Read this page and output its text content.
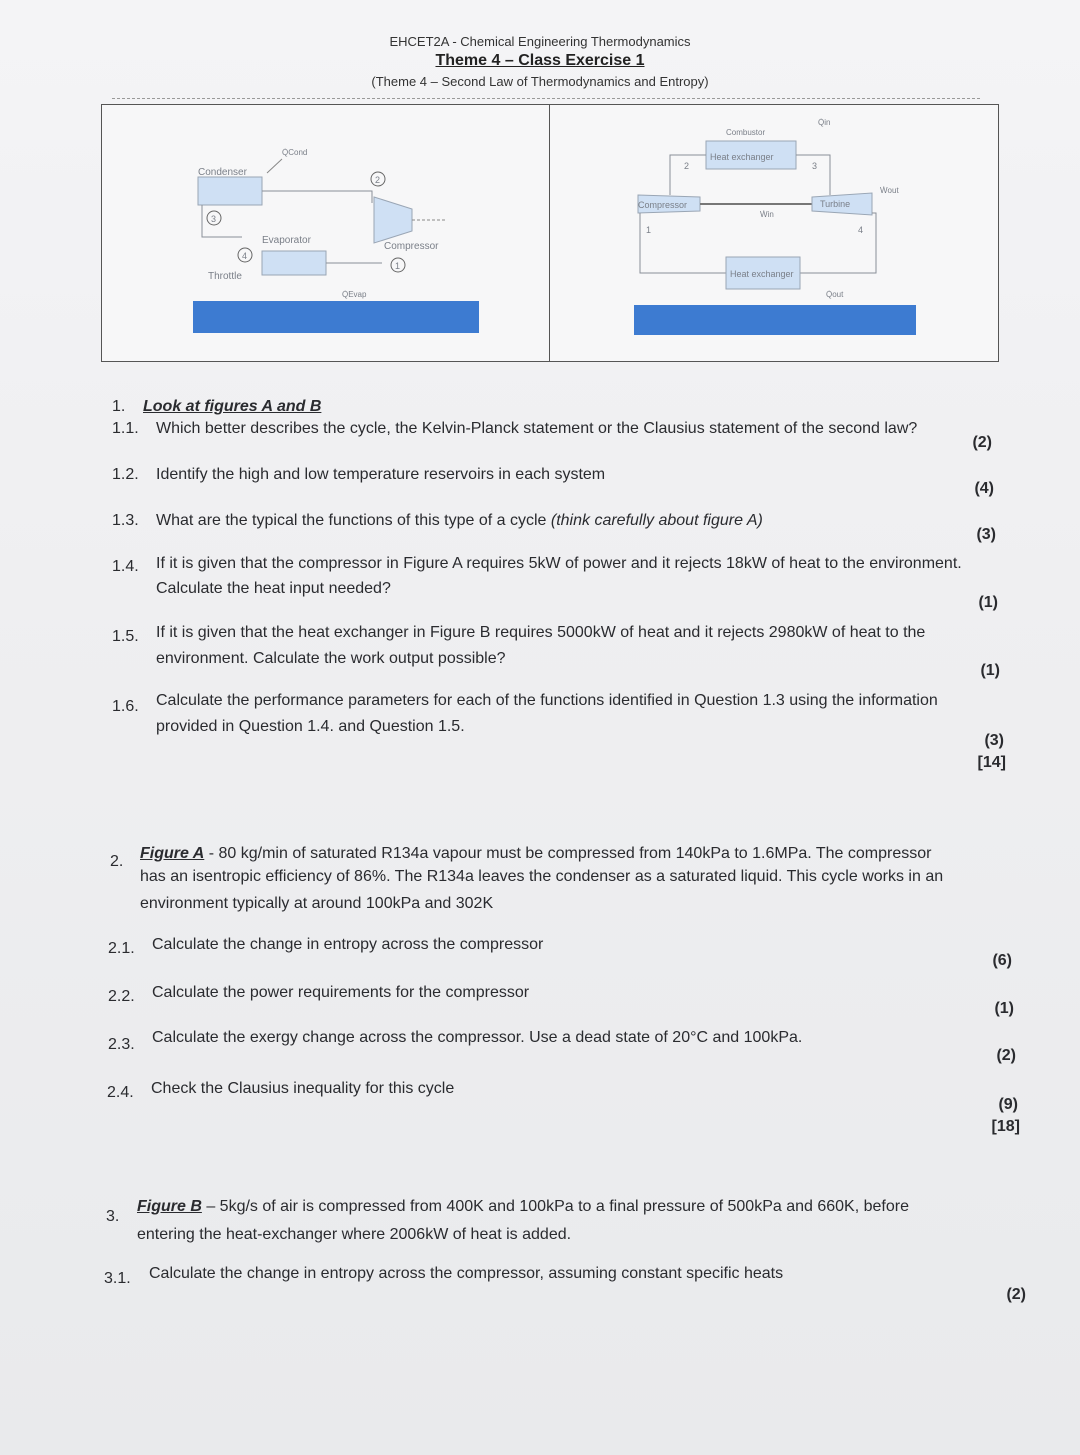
EHCET2A - Chemical Engineering Thermodynamics
Theme 4 – Class Exercise 1
(Theme 4 – Second Law of Thermodynamics and Entropy)
Condenser
Q̇Cond
2
Compressor
1
3
Evaporator
4
Throttle
Q̇Evap
Combustor
Heat exchanger
Q̇in
2	3
Compressor
Ẇin
Turbine
Ẇout
1	4
Heat exchanger
Q̇out
1. Look at figures A and B
1.1. Which better describes the cycle, the Kelvin-Planck statement or the Clausius statement of the second law?
(2)
1.2. Identify the high and low temperature reservoirs in each system
(4)
1.3. What are the typical the functions of this type of a cycle (think carefully about figure A)
(3)
1.4. If it is given that the compressor in Figure A requires 5kW of power and it rejects 18kW of heat to the environment.
Calculate the heat input needed?
(1)
1.5. If it is given that the heat exchanger in Figure B requires 5000kW of heat and it rejects 2980kW of heat to the
environment. Calculate the work output possible?
(1)
1.6. Calculate the performance parameters for each of the functions identified in Question 1.3 using the information
provided in Question 1.4. and Question 1.5.
(3)
[14]
2. Figure A - 80 kg/min of saturated R134a vapour must be compressed from 140kPa to 1.6MPa. The compressor
has an isentropic efficiency of 86%. The R134a leaves the condenser as a saturated liquid. This cycle works in an
environment typically at around 100kPa and 302K
2.1. Calculate the change in entropy across the compressor
(6)
2.2. Calculate the power requirements for the compressor
(1)
2.3. Calculate the exergy change across the compressor. Use a dead state of 20°C and 100kPa.
(2)
2.4. Check the Clausius inequality for this cycle
(9)
[18]
3.
Figure B – 5kg/s of air is compressed from 400K and 100kPa to a final pressure of 500kPa and 660K, before
entering the heat-exchanger where 2006kW of heat is added.
3.1. Calculate the change in entropy across the compressor, assuming constant specific heats
(2)
